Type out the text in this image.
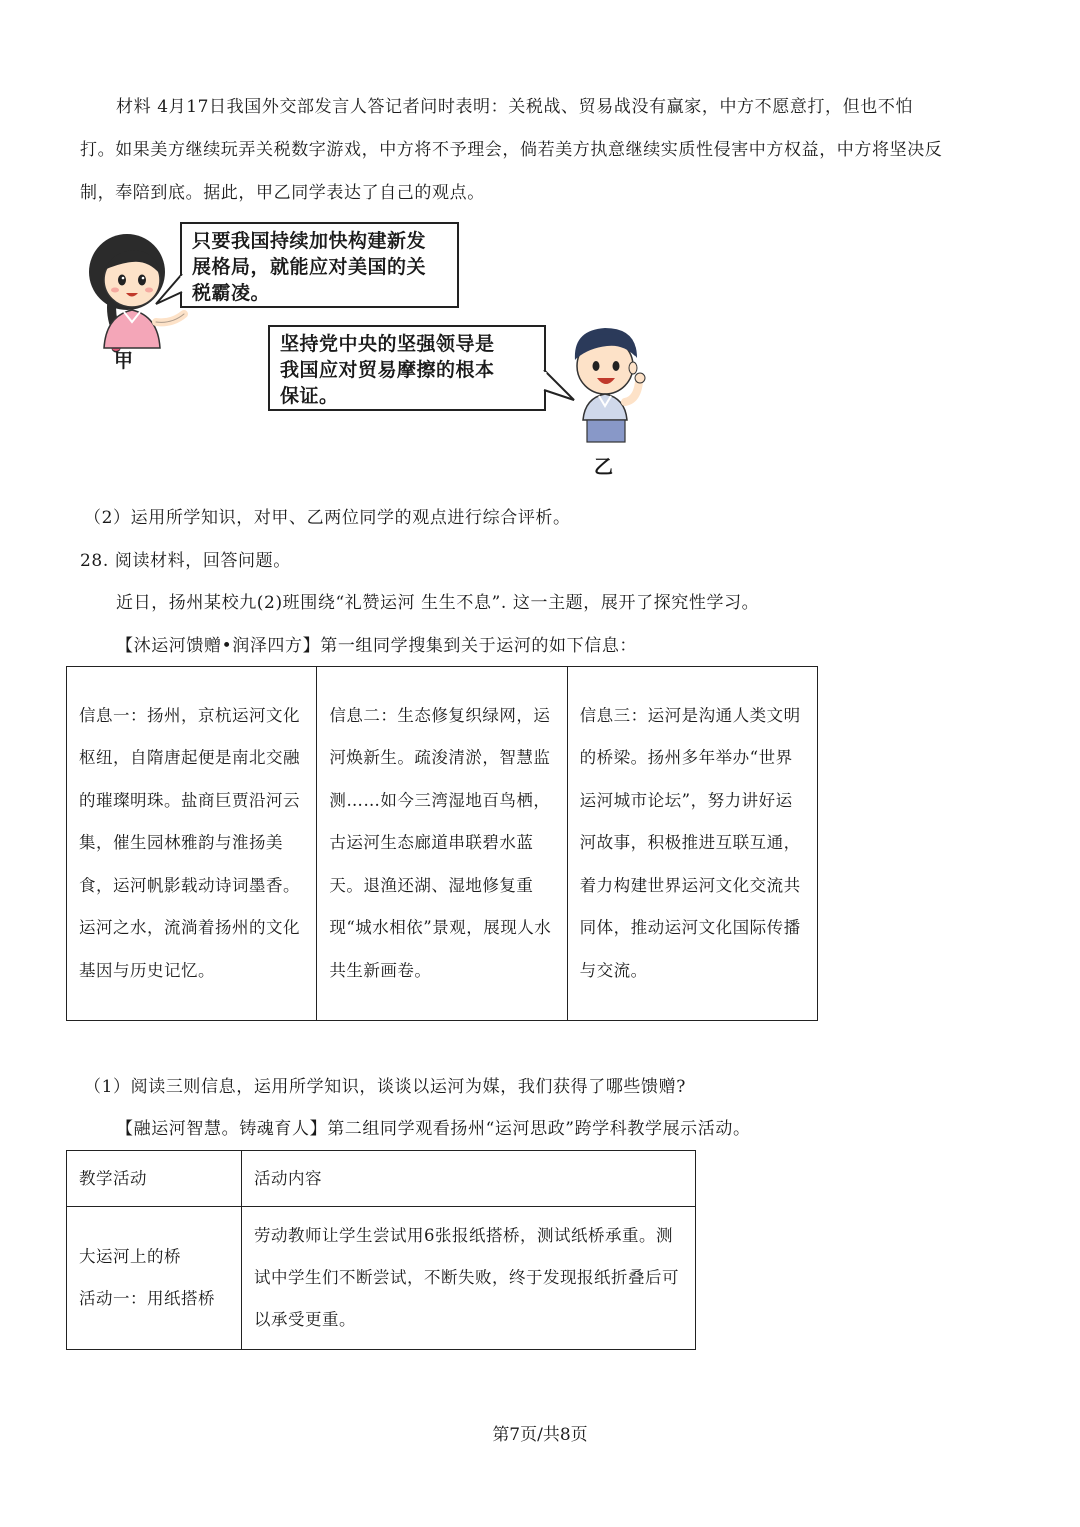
材料 4月17日我国外交部发言人答记者问时表明：关税战、贸易战没有赢家，中方不愿意打，但也不怕
打。如果美方继续玩弄关税数字游戏，中方将不予理会，倘若美方执意继续实质性侵害中方权益，中方将坚决反
制，奉陪到底。据此，甲乙同学表达了自己的观点。
甲
只要我国持续加快构建新发
展格局，就能应对美国的关
税霸凌。
坚持党中央的坚强领导是
我国应对贸易摩擦的根本
保证。
乙
（2）运用所学知识，对甲、乙两位同学的观点进行综合评析。
28. 阅读材料，回答问题。
近日，扬州某校九(2)班围绕“礼赞运河 生生不息”. 这一主题，展开了探究性学习。
【沐运河馈赠•润泽四方】第一组同学搜集到关于运河的如下信息：
信息一：扬州，京杭运河文化枢纽，自隋唐起便是南北交融的璀璨明珠。盐商巨贾沿河云集，催生园林雅韵与淮扬美食，运河帆影载动诗词墨香。运河之水，流淌着扬州的文化基因与历史记忆。	信息二：生态修复织绿网，运河焕新生。疏浚清淤，智慧监测……如今三湾湿地百鸟栖，古运河生态廊道串联碧水蓝天。退渔还湖、湿地修复重现“城水相依”景观，展现人水共生新画卷。	信息三：运河是沟通人类文明的桥梁。扬州多年举办“世界运河城市论坛”，努力讲好运河故事，积极推进互联互通，着力构建世界运河文化交流共同体，推动运河文化国际传播与交流。
（1）阅读三则信息，运用所学知识，谈谈以运河为媒，我们获得了哪些馈赠?
【融运河智慧。铸魂育人】第二组同学观看扬州“运河思政”跨学科教学展示活动。
教学活动	活动内容

大运河上的桥
活动一：用纸搭桥	劳动教师让学生尝试用6张报纸搭桥，测试纸桥承重。测试中学生们不断尝试，不断失败，终于发现报纸折叠后可以承受更重。
第7页/共8页
